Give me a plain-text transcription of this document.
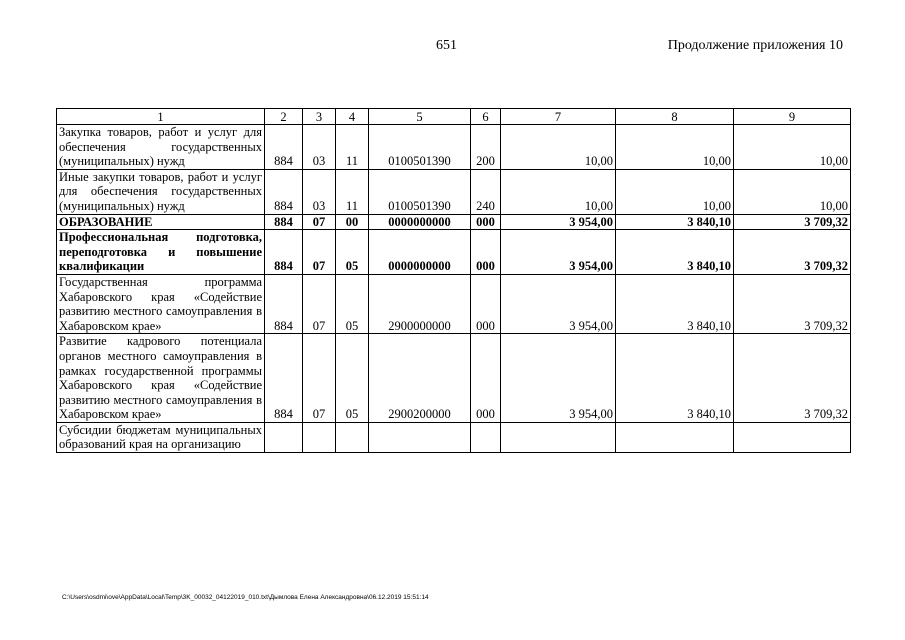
651	Продолжение приложения 10
1	2	3	4	5	6	7	8	9
Закупка товаров, работ и услуг для обеспечения государственных (муниципальных) нужд	884	03	11	0100501390	200	10,00	10,00	10,00
Иные закупки товаров, работ и услуг для обеспечения государственных (муниципальных) нужд	884	03	11	0100501390	240	10,00	10,00	10,00
ОБРАЗОВАНИЕ	884	07	00	0000000000	000	3 954,00	3 840,10	3 709,32
Профессиональная подготовка, переподготовка и повышение квалификации	884	07	05	0000000000	000	3 954,00	3 840,10	3 709,32
Государственная программа Хабаровского края «Содействие развитию местного самоуправления в Хабаровском крае»	884	07	05	2900000000	000	3 954,00	3 840,10	3 709,32
Развитие кадрового потенциала органов местного самоуправления в рамках государственной программы Хабаровского края «Содействие развитию местного самоуправления в Хабаровском крае»	884	07	05	2900200000	000	3 954,00	3 840,10	3 709,32
Субсидии бюджетам муниципальных образований края на организацию								
C:\Users\osdmi\ove\AppData\Local\Temp\3K_00032_04122019_010.txt\Дымлова Елена Александровна\06.12.2019 15:51:14
